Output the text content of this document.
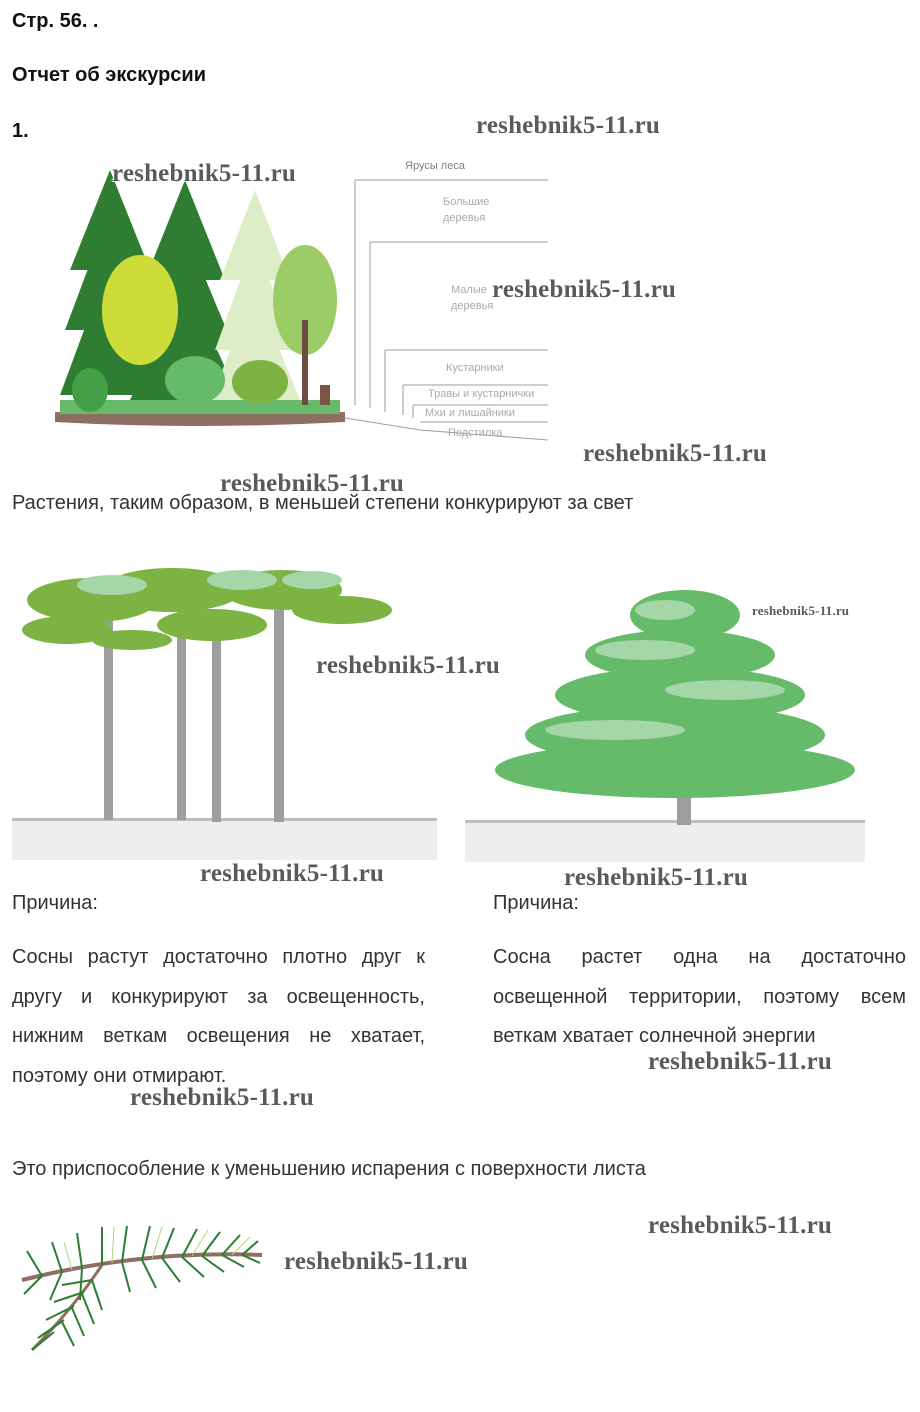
Стр. 56. .
Отчет об экскурсии
1.
Ярусы леса
Большие
деревья
Малые
деревья
Кустарники
Травы и кустарнички
Мхи и лишайники
Подстилка
Растения, таким образом, в меньшей степени конкурируют за свет
Причина:
Сосны растут достаточно плотно друг к другу и конкурируют за освещенность, нижним веткам освещения не хватает, поэтому они отмирают.
Причина:
Сосна растет одна на достаточно освещенной территории, поэтому всем веткам хватает солнечной энергии
Это приспособление к уменьшению испарения с поверхности листа
reshebnik5-11.ru
reshebnik5-11.ru
reshebnik5-11.ru
reshebnik5-11.ru
reshebnik5-11.ru
reshebnik5-11.ru
reshebnik5-11.ru
reshebnik5-11.ru	reshebnik5-11.ru
reshebnik5-11.ru
reshebnik5-11.ru
reshebnik5-11.ru
reshebnik5-11.ru
